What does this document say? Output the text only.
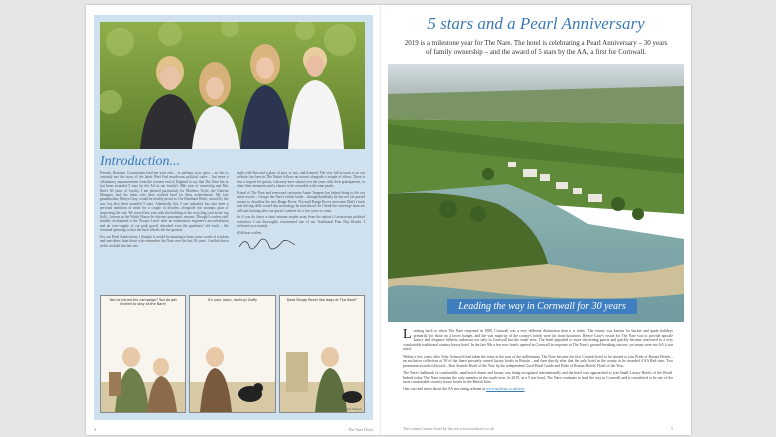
Introduction...

Friends, Romans, Countrymen lend me your ears – or perhaps your specs – no this is certainly not the story of the latest West End murderous political satire – but more a celebratory announcement from the western end of England to say that The Nare has at last been awarded 5 stars by the AA in our family's 30th year of ownership and Mrs Bart's 60 years of loyalty. I am pleased particularly for Matthew Voyle, the General Manager, and his team who have worked hard for their achievement. My late grandmother, Bettye Gray, would be doubly proud as The Headland Hotel, owned by her son, has also been awarded 5 stars. Admittedly this 5 star malarkey has also been a personal ambition of mine for a couple of decades, alongside our strategic plan of improving the site. We started last year with the building of the recycling yard in the top field – known as the Watch House for obvious panoramic reasons. Though I confess staff initially nicknamed it the 'Escape Limit' after an enthusiastic engineer's miscalculation and an over-supply of car park gravel absorbed even the gardeners' old truck – the frontend spinning so that the back wheels left the ground.

For our Pearl Anniversary I thought it would be amusing to hunt some words of wisdom and anecdotes from those who remember the Nare over the last 30 years. I settled down at the cocktail bar late one

night with Ken and a glass of port, or two, and listened. The very full account is on our website, but here in The Natter follows an extract alongside a couple of others. There is also a request for guests, who may have stayed over the years with their grandparents, to share their memories and a chance to be rewarded with some pearls.

Friend of The Nare and renowned cartoonist Annie Tempest has helped bring to life our latest recruit – George the Nare's online butler – though thankfully he has not yet passed muster to chauffeur the new Range Rover. Not until Range Rover overcome Daffy's back seat driving skills would this technology be introduced. So I think the concierge team are still safe looking after our guests' comfort for a few years to come.

So if you do fancy a short autumn respite away from the nation's Coronavirus political extraction I can thoroughly recommend one of our Traditional Four Day Breaks. I welcome you warmly.

With best wishes,

You've joined the campaign? You do get invited to stay at the Nare!
It's your room, darling! Daffy	Does Range Rover like dogs at The Nare?
Annie Tempest
4	The Nare Hotel
5 stars and a Pearl Anniversary
2019 is a milestone year for The Nare. The hotel is celebrating a Pearl Anniversary – 30 years of family ownership – and the award of 5 stars by the AA, a first for Cornwall.
Leading the way in Cornwall for 30 years

Looking back to when The Nare reopened in 1989, Cornwall was a very different destination than it is today. The county was known for bucket and spade holidays primarily for those on a lower budget, and the vast majority of the county's hotels were far from luxurious. Bettye Gray's vision for The Nare was to provide upscale luxury and elegance hitherto unknown not only in Cornwall but the south-west. The hotel appealed to more discerning guests and quickly became renowned as a very comfortable traditional country house hotel. In the late 90s a few new hotels opened in Cornwall in response to The Nare's ground-breaking success, yet many were not AA 4 star rated.

Within a few years after Toby Ashworth had taken the reins at the turn of the millennium, The Nare became the first Cornish hotel to be invited to join Pride of Britain Hotels – an exclusive collection of 50 of the finest privately owned luxury hotels in Britain – and then shortly after that the only hotel in the county to be awarded 4 AA Red stars. Two prominent awards followed – Best Seaside Hotel of the Year by the independent Good Hotel Guide and Pride of Britain Hotels' Hotel of the Year.

The Nare's hallmark of comfortable, unaffected charm and luxury was being recognised internationally and the hotel was approached to join Small Luxury Hotels of the World. Indeed today The Nare remains the only member in the south-west. In 2019, as a 5 star hotel, The Nare continues to lead the way in Cornwall and is considered to be one of the most comfortable country house hotels in the British Isles.

One can read more about the AA star rating scheme at www.aa.theaa.co.uk/stars

The country house hotel by the sea www.narehotel.co.uk	5
